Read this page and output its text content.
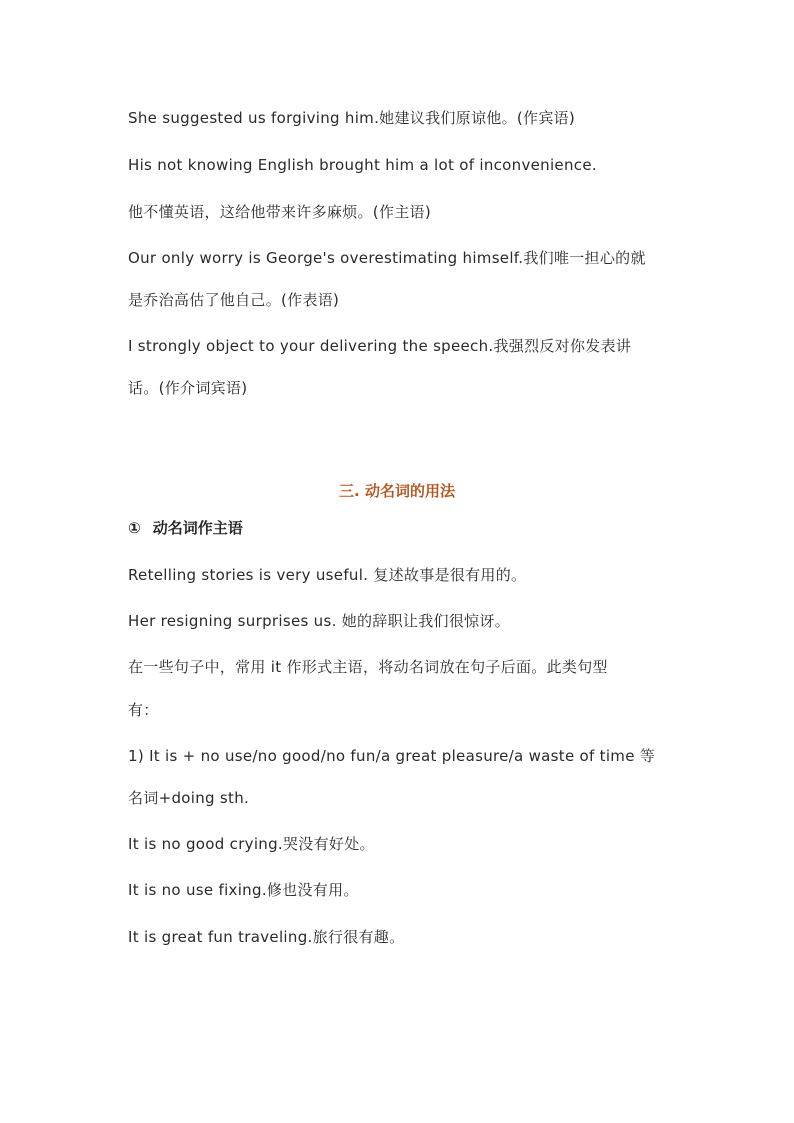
She suggested us forgiving him.她建议我们原谅他。(作宾语)
His not knowing English brought him a lot of inconvenience.
他不懂英语，这给他带来许多麻烦。(作主语)
Our only worry is George's overestimating himself.我们唯一担心的就
是乔治高估了他自己。(作表语)
I strongly object to your delivering the speech.我强烈反对你发表讲
话。(作介词宾语)
三. 动名词的用法
① 动名词作主语
Retelling stories is very useful. 复述故事是很有用的。
Her resigning surprises us. 她的辞职让我们很惊讶。
在一些句子中，常用 it 作形式主语，将动名词放在句子后面。此类句型
有：
1) It is + no use/no good/no fun/a great pleasure/a waste of time 等
名词+doing sth.
It is no good crying.哭没有好处。
It is no use fixing.修也没有用。
It is great fun traveling.旅行很有趣。
